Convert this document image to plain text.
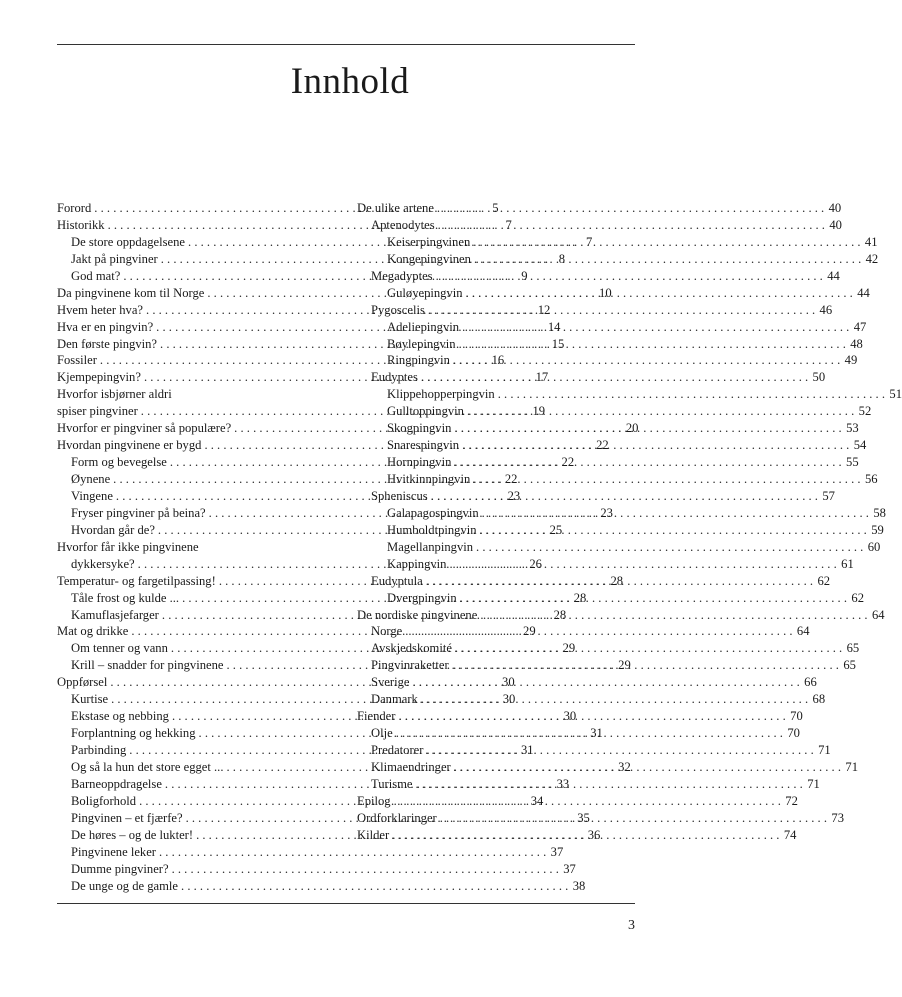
Innhold
Forord . . .	5
Historikk . . .	7
De store oppdagelsene . . .	7
Jakt på pingviner . . .	8
God mat? . . .	9
Da pingvinene kom til Norge . . .	10
Hvem heter hva? . . .	12
Hva er en pingvin? . . .	14
Den første pingvin? . . .	15
Fossiler . . .	16
Kjempepingvin? . . .	17
Hvorfor isbjørner aldri
spiser pingviner . . .	19
Hvorfor er pingviner så populære? . . .	20
Hvordan pingvinene er bygd . . .	22
Form og bevegelse . . .	22
Øynene . . .	22
Vingene . . .	23
Fryser pingviner på beina? . . .	23
Hvordan går de? . . .	25
Hvorfor får ikke pingvinene
dykkersyke? . . .	26
Temperatur- og fargetilpassing! . . .	28
Tåle frost og kulde ... . . .	28
Kamuflasjefarger . . .	28
Mat og drikke . . .	29
Om tenner og vann . . .	29
Krill – snadder for pingvinene . . .	29
Oppførsel . . .	30
Kurtise . . .	30
Ekstase og nebbing . . .	30
Forplantning og hekking . . .	31
Parbinding . . .	31
Og så la hun det store egget ... . . .	32
Barneoppdragelse . . .	33
Boligforhold . . .	34
Pingvinen – et fjærfe? . . .	35
De høres – og de lukter! . . .	36
Pingvinene leker . . .	37
Dumme pingviner? . . .	37
De unge og de gamle . . .	38
De ulike artene . . .	40
Aptenodytes . . .	40
Keiserpingvinen . . .	41
Kongepingvinen . . .	42
Megadyptes . . .	44
Guløyepingvin . . .	44
Pygoscelis . . .	46
Adeliepingvin . . .	47
Bøylepingvin . . .	48
Ringpingvin . . .	49
Eudyptes . . .	50
Klippehopperpingvin . . .	51
Gulltoppingvin . . .	52
Skogpingvin . . .	53
Snarespingvin . . .	54
Hornpingvin . . .	55
Hvitkinnpingvin . . .	56
Spheniscus . . .	57
Galapagospingvin . . .	58
Humboldtpingvin . . .	59
Magellanpingvin . . .	60
Kappingvin . . .	61
Eudyptula . . .	62
Dvergpingvin . . .	62
De nordiske pingvinene . . .	64
Norge . . .	64
Avskjedskomité . . .	65
Pingvinraketter . . .	65
Sverige . . .	66
Danmark . . .	68
Fiender . . .	70
Olje . . .	70
Predatorer . . .	71
Klimaendringer . . .	71
Turisme . . .	71
Epilog . . .	72
Ordforklaringer . . .	73
Kilder . . .	74
3
